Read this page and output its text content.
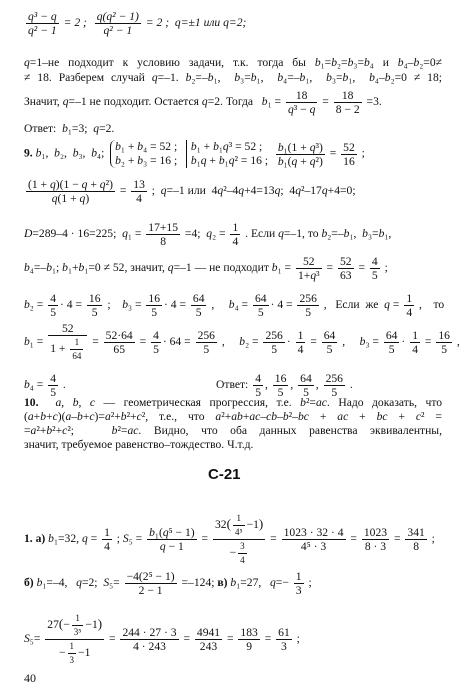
$\frac{\text{q³ − q}}{\text{q² − 1}} = 2$ ; $\frac{\text{q(q² − 1)}}{\text{q² − 1}} = 2$ ;  q=±1 или q=2;
q=1–не подходит к условию задачи, т.к. тогда бы b₁=b₂=b₃=b₄ и b₄–b₂=0≠
≠ 18. Разберем случай q=–1. b₂=–b₁,  b₃=b₁,  b₄=–b₁,  b₃=b₁,  b₄–b₂=0 ≠ 18;
Значит, q=–1 не подходит. Остается q=2. Тогда   $b_1 = \frac{18}{\text{q³ − q}} = \frac{18}{8 - 2} =3$.
Ответ:  b₁=3;  q=2.
9. b₁,  b₂,  b₃,  b₄;  b₁ + b₄ = 52 ;
b₂ + b₃ = 16 ;   b₁ + b₁q³ = 52 ;
b₁q + b₁q² = 16 ; $\frac{\text{b₁(1 + q³)}}{\text{b₁(q + q²)}} = \frac{52}{16}$ ;
$\frac{\text{(1 + q)(1 − q + q²)}}{q(1 + q)} = \frac{13}{4}$ ;  q=–1 или  4q²–4q+4=13q;  4q²–17q+4=0;
D=289–4 · 16=225;  $q_1 = \frac{17+15}{8} =4$;  $q_2 = \frac{1}{4}$ . Если q=–1, то b₂=–b₁,  b₃=b₁,
b₄=–b₁; b₁+b₁=0 ≠ 52, значит, q=–1 — не подходит $b_1 = \frac{52}{\text{1+q³}} = \frac{52}{63} = \frac{4}{5}$ ;
$b_2 = \frac{4}{5} \cdot 4 = \frac{16}{5}$ ;    $b_3 = \frac{16}{5} \cdot 4 = \frac{64}{5}$ ,     $b_4 = \frac{64}{5} \cdot 4 = \frac{256}{5}$ ,   Если  же  $q = \frac{1}{4}$ ,    то
$b_1 = \frac{52}{1 + \frac{1}{64}} = \frac{52\cdot 64}{65} = \frac{4}{5} \cdot 64 = \frac{256}{5}$ ,     $b_2 = \frac{256}{5} \cdot \frac{1}{4} = \frac{64}{5}$ ,     $b_3 = \frac{64}{5} \cdot \frac{1}{4} = \frac{16}{5}$ ,
$b_4 = \frac{4}{5}$ .	Ответ: $\frac{4}{5}$ , $\frac{16}{5}$ , $\frac{64}{5}$ , $\frac{256}{5}$ .
10. a, b, c — геометрическая прогрессия, т.е. b²=ac. Надо доказать, что
(a+b+c)(a–b+c)=a²+b²+c², т.е., что a²+ab+ac–cb–b²–bc + ac + bc + c² =
=a²+b²+c²;   b²=ac. Видно, что оба данных равенства эквивалентны,
значит, требуемое равенство–тождество. Ч.т.д.
С-21
1. а) b₁=32, $q = \frac{1}{4}$ ; $S_5 = \frac{\text{b₁(q⁵ − 1)}}{q - 1} = \frac{32( \frac{1}{\text{4⁵}} -1)}{- \frac{3}{4}} = \frac{1023 \cdot 32 \cdot 4}{\text{4⁵ · 3}} = \frac{1023}{8 \cdot 3} = \frac{341}{8}$ ;
б) b₁=–4,   q=2;  $S_5= \frac{\text{−4(2⁵ − 1)}}{2 - 1} =-124$; в) b₁=27,   $q=- \frac{1}{3}$ ;
$S_5= \frac{27(- \frac{1}{\text{3⁵}} -1)}{- \frac{1}{3} -1} = \frac{244 \cdot 27 \cdot 3}{4 \cdot 243} = \frac{4941}{243} = \frac{183}{9} = \frac{61}{3}$ ;
40
